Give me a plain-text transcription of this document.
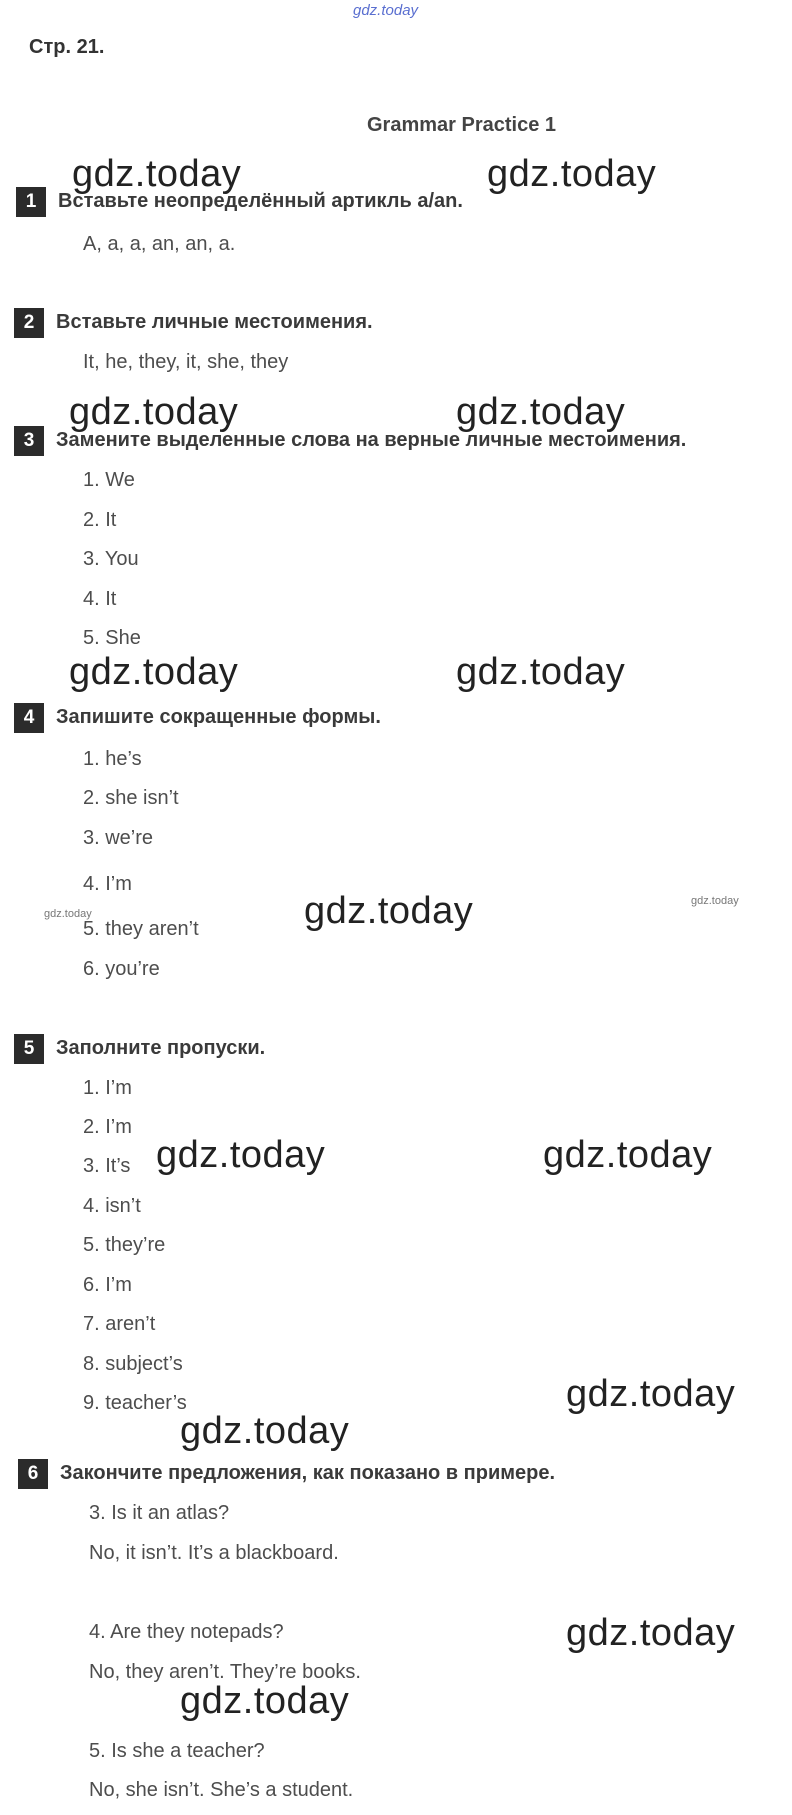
gdz.today
Стр. 21.
Grammar Practice 1
1	Вставьте неопределённый артикль a/an.
A, a, a, an, an, a.
2	Вставьте личные местоимения.
It, he, they, it, she, they
3	Замените выделенные слова на верные личные местоимения.
1. We
2. It
3. You
4. It
5. She
4	Запишите сокращенные формы.
1. he’s
2. she isn’t
3. we’re
4. I’m
5. they aren’t
6. you’re
5	Заполните пропуски.
1. I’m
2. I’m
3. It’s
4. isn’t
5. they’re
6. I’m
7. aren’t
8. subject’s
9. teacher’s
6	Закончите предложения, как показано в примере.
3. Is it an atlas?
No, it isn’t. It’s a blackboard.
4. Are they notepads?
No, they aren’t. They’re books.
5. Is she a teacher?
No, she isn’t. She’s a student.
gdz.today	gdz.today
gdz.today	gdz.today
gdz.today	gdz.today
gdz.today	gdz.today	gdz.today
gdz.today	gdz.today
gdz.today
gdz.today
gdz.today
gdz.today
